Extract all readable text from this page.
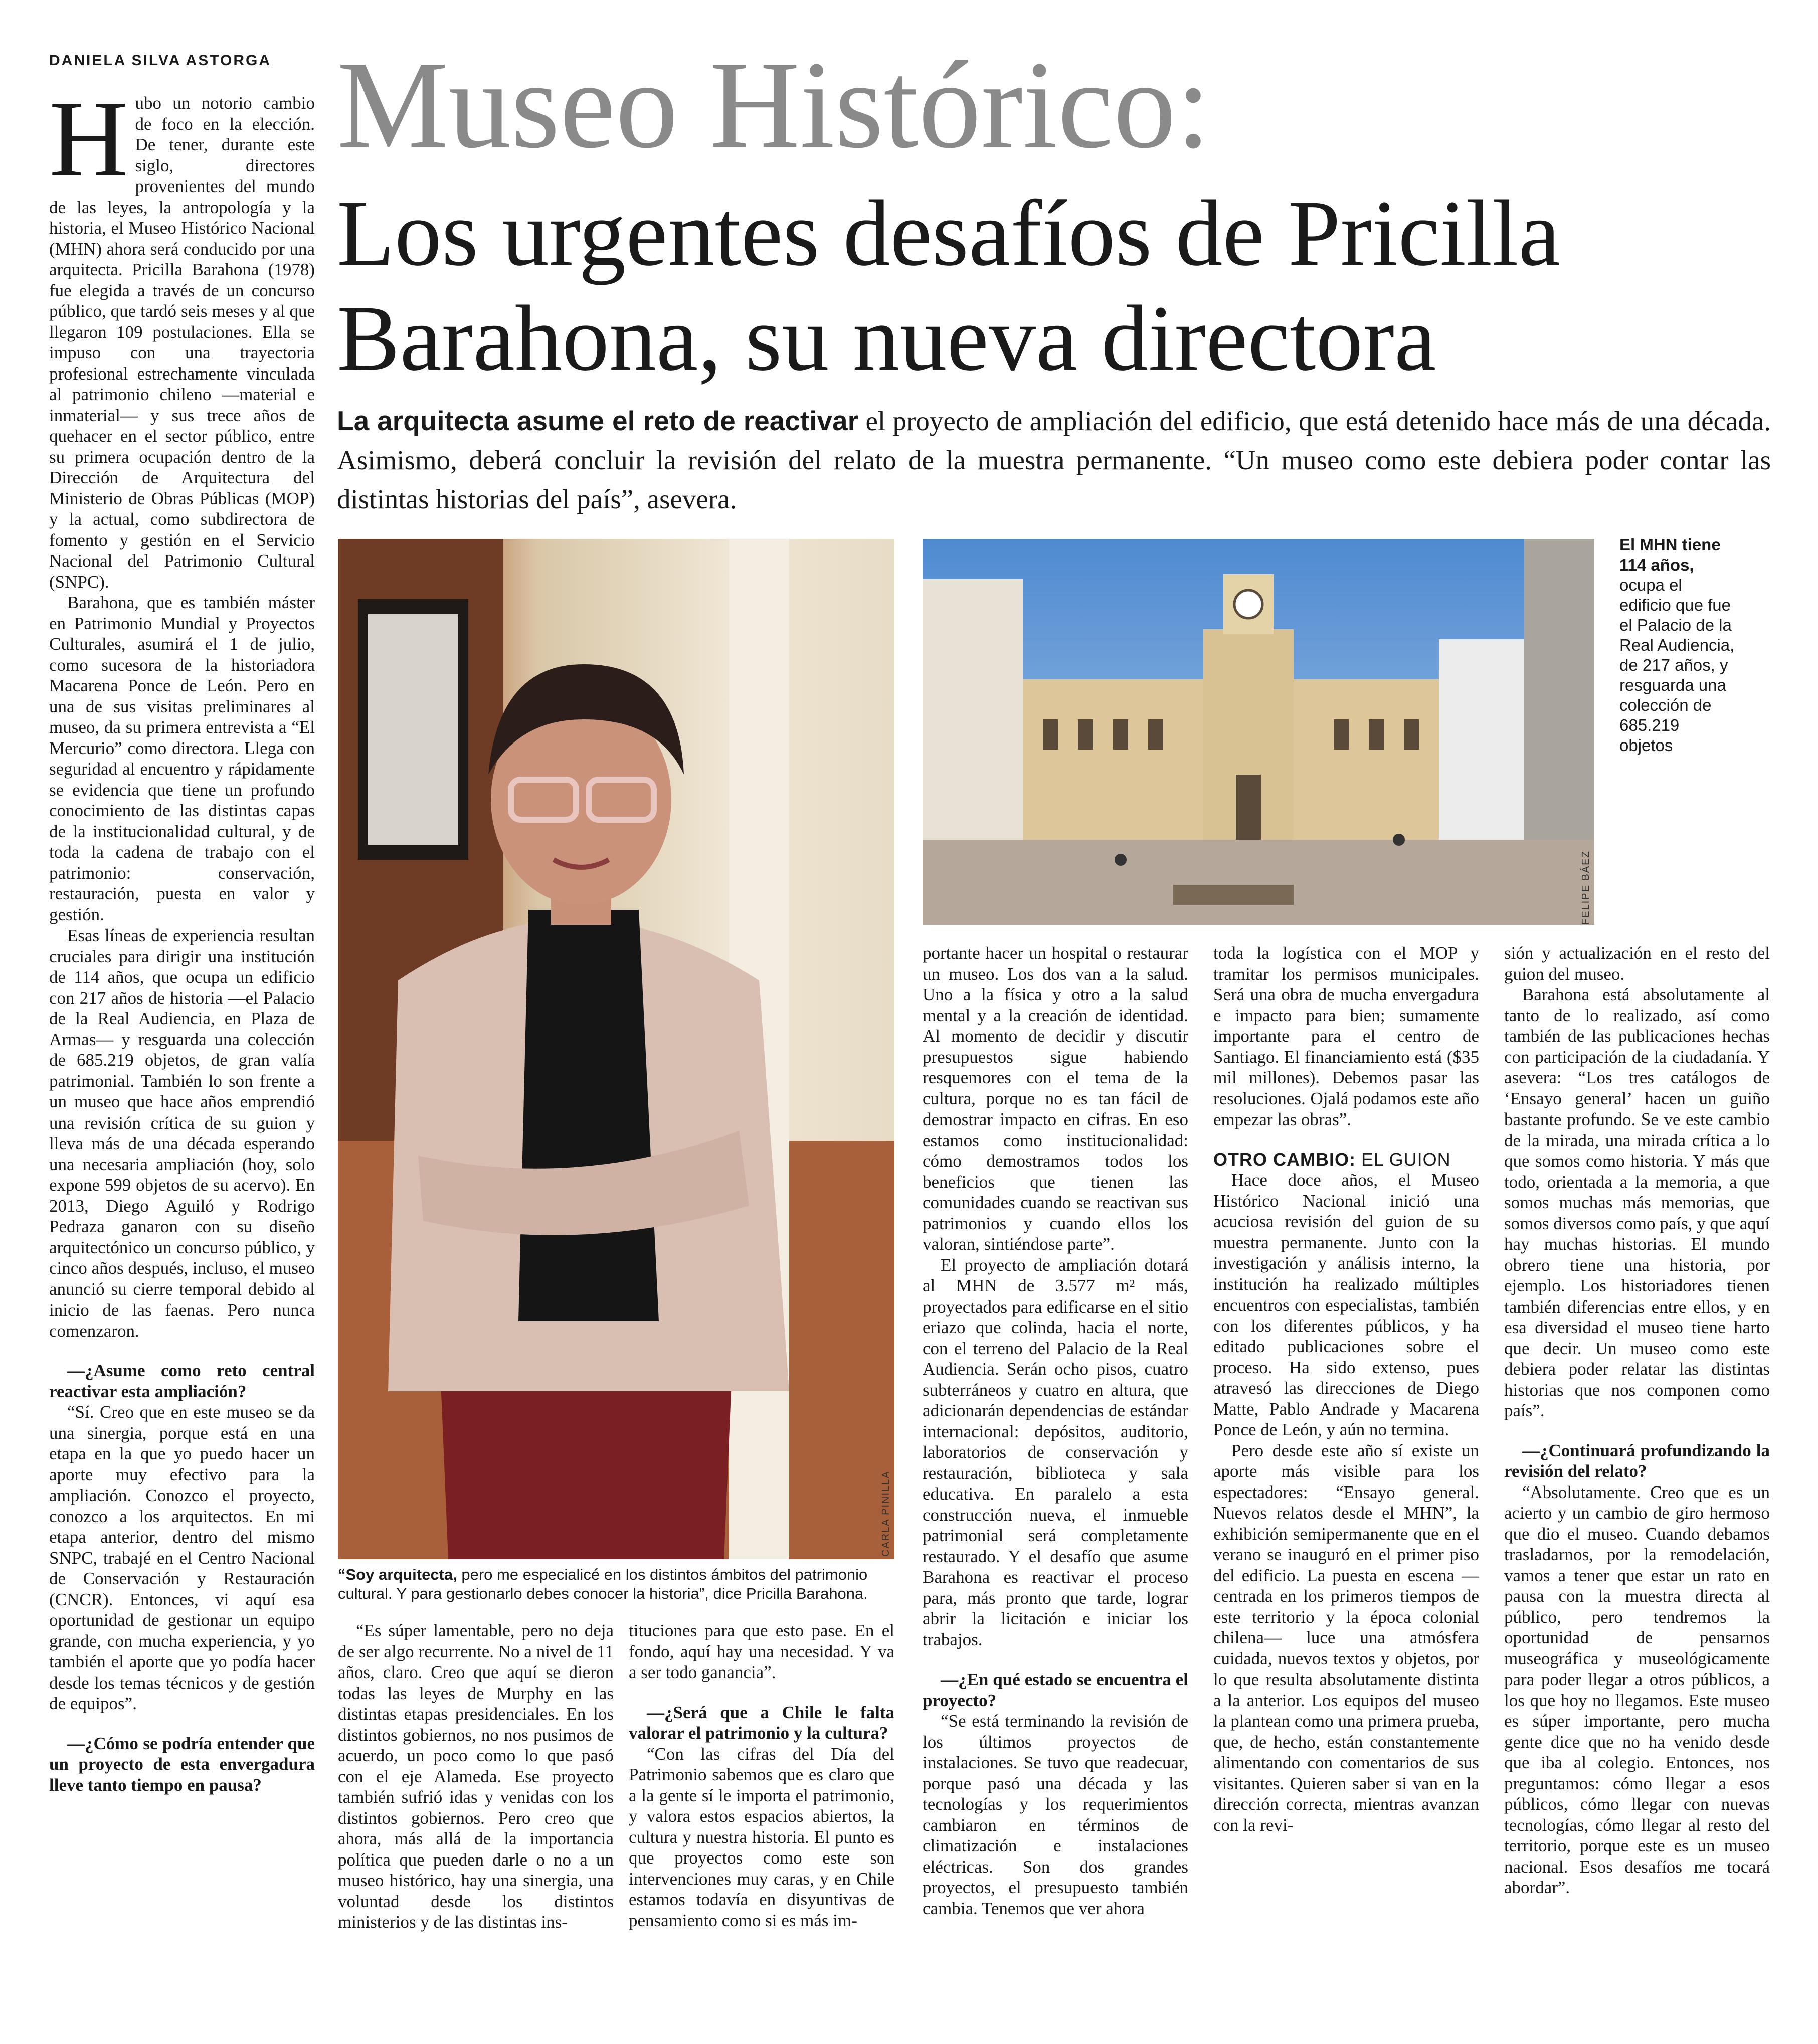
DANIELA SILVA ASTORGA Museo Histórico:
Los urgentes desafíos de Pricilla Barahona, su nueva directora
La arquitecta asume el reto de reactivar el proyecto de ampliación del edificio, que está detenido hace más de una década. Asimismo, deberá concluir la revisión del relato de la muestra permanente. “Un museo como este debiera poder contar las distintas historias del país”, asevera.
H ubo un notorio cambio de foco en la elección. De tener, durante este siglo, directores provenientes del mundo de las leyes, la antropología y la historia, el Museo Histórico Nacional (MHN) ahora será conducido por una arquitecta. Pricilla Barahona (1978) fue elegida a través de un concurso público, que tardó seis meses y al que llegaron 109 postulaciones. Ella se impuso con una trayectoria profesional estrechamente vinculada al patrimonio chileno —material e inmaterial— y sus trece años de quehacer en el sector público, entre su primera ocupación dentro de la Dirección de Arquitectura del Ministerio de Obras Públicas (MOP) y la actual, como subdirectora de fomento y gestión en el Servicio Nacional del Patrimonio Cultural (SNPC).

Barahona, que es también máster en Patrimonio Mundial y Proyectos Culturales, asumirá el 1 de julio, como sucesora de la historiadora Macarena Ponce de León. Pero en una de sus visitas preliminares al museo, da su primera entrevista a “El Mercurio” como directora. Llega con seguridad al encuentro y rápidamente se evidencia que tiene un profundo conocimiento de las distintas capas de la institucionalidad cultural, y de toda la cadena de trabajo con el patrimonio: conservación, restauración, puesta en valor y gestión.

Esas líneas de experiencia resultan cruciales para dirigir una institución de 114 años, que ocupa un edificio con 217 años de historia —el Palacio de la Real Audiencia, en Plaza de Armas— y resguarda una colección de 685.219 objetos, de gran valía patrimonial. También lo son frente a un museo que hace años emprendió una revisión crítica de su guion y lleva más de una década esperando una necesaria ampliación (hoy, solo expone 599 objetos de su acervo). En 2013, Diego Aguiló y Rodrigo Pedraza ganaron con su diseño arquitectónico un concurso público, y cinco años después, incluso, el museo anunció su cierre temporal debido al inicio de las faenas. Pero nunca comenzaron.

—¿Asume como reto central reactivar esta ampliación?

“Sí. Creo que en este museo se da una sinergia, porque está en una etapa en la que yo puedo hacer un aporte muy efectivo para la ampliación. Conozco el proyecto, conozco a los arquitectos. En mi etapa anterior, dentro del mismo SNPC, trabajé en el Centro Nacional de Conservación y Restauración (CNCR). Entonces, vi aquí esa oportunidad de gestionar un equipo grande, con mucha experiencia, y yo también el aporte que yo podía hacer desde los temas técnicos y de gestión de equipos”.

—¿Cómo se podría entender que un proyecto de esta envergadura lleve tanto tiempo en pausa?

CARLA PINILLA
“Soy arquitecta, pero me especialicé en los distintos ámbitos del patrimonio cultural. Y para gestionarlo debes conocer la historia”, dice Pricilla Barahona.

“Es súper lamentable, pero no deja de ser algo recurrente. No a nivel de 11 años, claro. Creo que aquí se dieron todas las leyes de Murphy en las distintas etapas presidenciales. En los distintos gobiernos, no nos pusimos de acuerdo, un poco como lo que pasó con el eje Alameda. Ese proyecto también sufrió idas y venidas con los distintos gobiernos. Pero creo que ahora, más allá de la importancia política que pueden darle o no a un museo histórico, hay una sinergia, una voluntad desde los distintos ministerios y de las distintas ins-

tituciones para que esto pase. En el fondo, aquí hay una necesidad. Y va a ser todo ganancia”.

—¿Será que a Chile le falta valorar el patrimonio y la cultura?

“Con las cifras del Día del Patrimonio sabemos que es claro que a la gente sí le importa el patrimonio, y valora estos espacios abiertos, la cultura y nuestra historia. El punto es que proyectos como este son intervenciones muy caras, y en Chile estamos todavía en disyuntivas de pensamiento como si es más im-

FELIPE BÁEZ
El MHN tiene 114 años, ocupa el edificio que fue el Palacio de la Real Audiencia, de 217 años, y resguarda una colección de 685.219 objetos

portante hacer un hospital o restaurar un museo. Los dos van a la salud. Uno a la física y otro a la salud mental y a la creación de identidad. Al momento de decidir y discutir presupuestos sigue habiendo resquemores con el tema de la cultura, porque no es tan fácil de demostrar impacto en cifras. En eso estamos como institucionalidad: cómo demostramos todos los beneficios que tienen las comunidades cuando se reactivan sus patrimonios y cuando ellos los valoran, sintiéndose parte”.

El proyecto de ampliación dotará al MHN de 3.577 m² más, proyectados para edificarse en el sitio eriazo que colinda, hacia el norte, con el terreno del Palacio de la Real Audiencia. Serán ocho pisos, cuatro subterráneos y cuatro en altura, que adicionarán dependencias de estándar internacional: depósitos, auditorio, laboratorios de conservación y restauración, biblioteca y sala educativa. En paralelo a esta construcción nueva, el inmueble patrimonial será completamente restaurado. Y el desafío que asume Barahona es reactivar el proceso para, más pronto que tarde, lograr abrir la licitación e iniciar los trabajos.

—¿En qué estado se encuentra el proyecto?

“Se está terminando la revisión de los últimos proyectos de instalaciones. Se tuvo que readecuar, porque pasó una década y las tecnologías y los requerimientos cambiaron en términos de climatización e instalaciones eléctricas. Son dos grandes proyectos, el presupuesto también cambia. Tenemos que ver ahora

toda la logística con el MOP y tramitar los permisos municipales. Será una obra de mucha envergadura e impacto para bien; sumamente importante para el centro de Santiago. El financiamiento está ($35 mil millones). Debemos pasar las resoluciones. Ojalá podamos este año empezar las obras”.

OTRO CAMBIO: EL GUION

Hace doce años, el Museo Histórico Nacional inició una acuciosa revisión del guion de su muestra permanente. Junto con la investigación y análisis interno, la institución ha realizado múltiples encuentros con especialistas, también con los diferentes públicos, y ha editado publicaciones sobre el proceso. Ha sido extenso, pues atravesó las direcciones de Diego Matte, Pablo Andrade y Macarena Ponce de León, y aún no termina.

Pero desde este año sí existe un aporte más visible para los espectadores: “Ensayo general. Nuevos relatos desde el MHN”, la exhibición semipermanente que en el verano se inauguró en el primer piso del edificio. La puesta en escena —centrada en los primeros tiempos de este territorio y la época colonial chilena— luce una atmósfera cuidada, nuevos textos y objetos, por lo que resulta absolutamente distinta a la anterior. Los equipos del museo la plantean como una primera prueba, que, de hecho, están constantemente alimentando con comentarios de sus visitantes. Quieren saber si van en la dirección correcta, mientras avanzan con la revi-

sión y actualización en el resto del guion del museo.

Barahona está absolutamente al tanto de lo realizado, así como también de las publicaciones hechas con participación de la ciudadanía. Y asevera: “Los tres catálogos de ‘Ensayo general’ hacen un guiño bastante profundo. Se ve este cambio de la mirada, una mirada crítica a lo que somos como historia. Y más que todo, orientada a la memoria, a que somos muchas más memorias, que somos diversos como país, y que aquí hay muchas historias. El mundo obrero tiene una historia, por ejemplo. Los historiadores tienen también diferencias entre ellos, y en esa diversidad el museo tiene harto que decir. Un museo como este debiera poder relatar las distintas historias que nos componen como país”.

—¿Continuará profundizando la revisión del relato?

“Absolutamente. Creo que es un acierto y un cambio de giro hermoso que dio el museo. Cuando debamos trasladarnos, por la remodelación, vamos a tener que estar un rato en pausa con la muestra directa al público, pero tendremos la oportunidad de pensarnos museográfica y museológicamente para poder llegar a otros públicos, a los que hoy no llegamos. Este museo es súper importante, pero mucha gente dice que no ha venido desde que iba al colegio. Entonces, nos preguntamos: cómo llegar a esos públicos, cómo llegar con nuevas tecnologías, cómo llegar al resto del territorio, porque este es un museo nacional. Esos desafíos me tocará abordar”.
